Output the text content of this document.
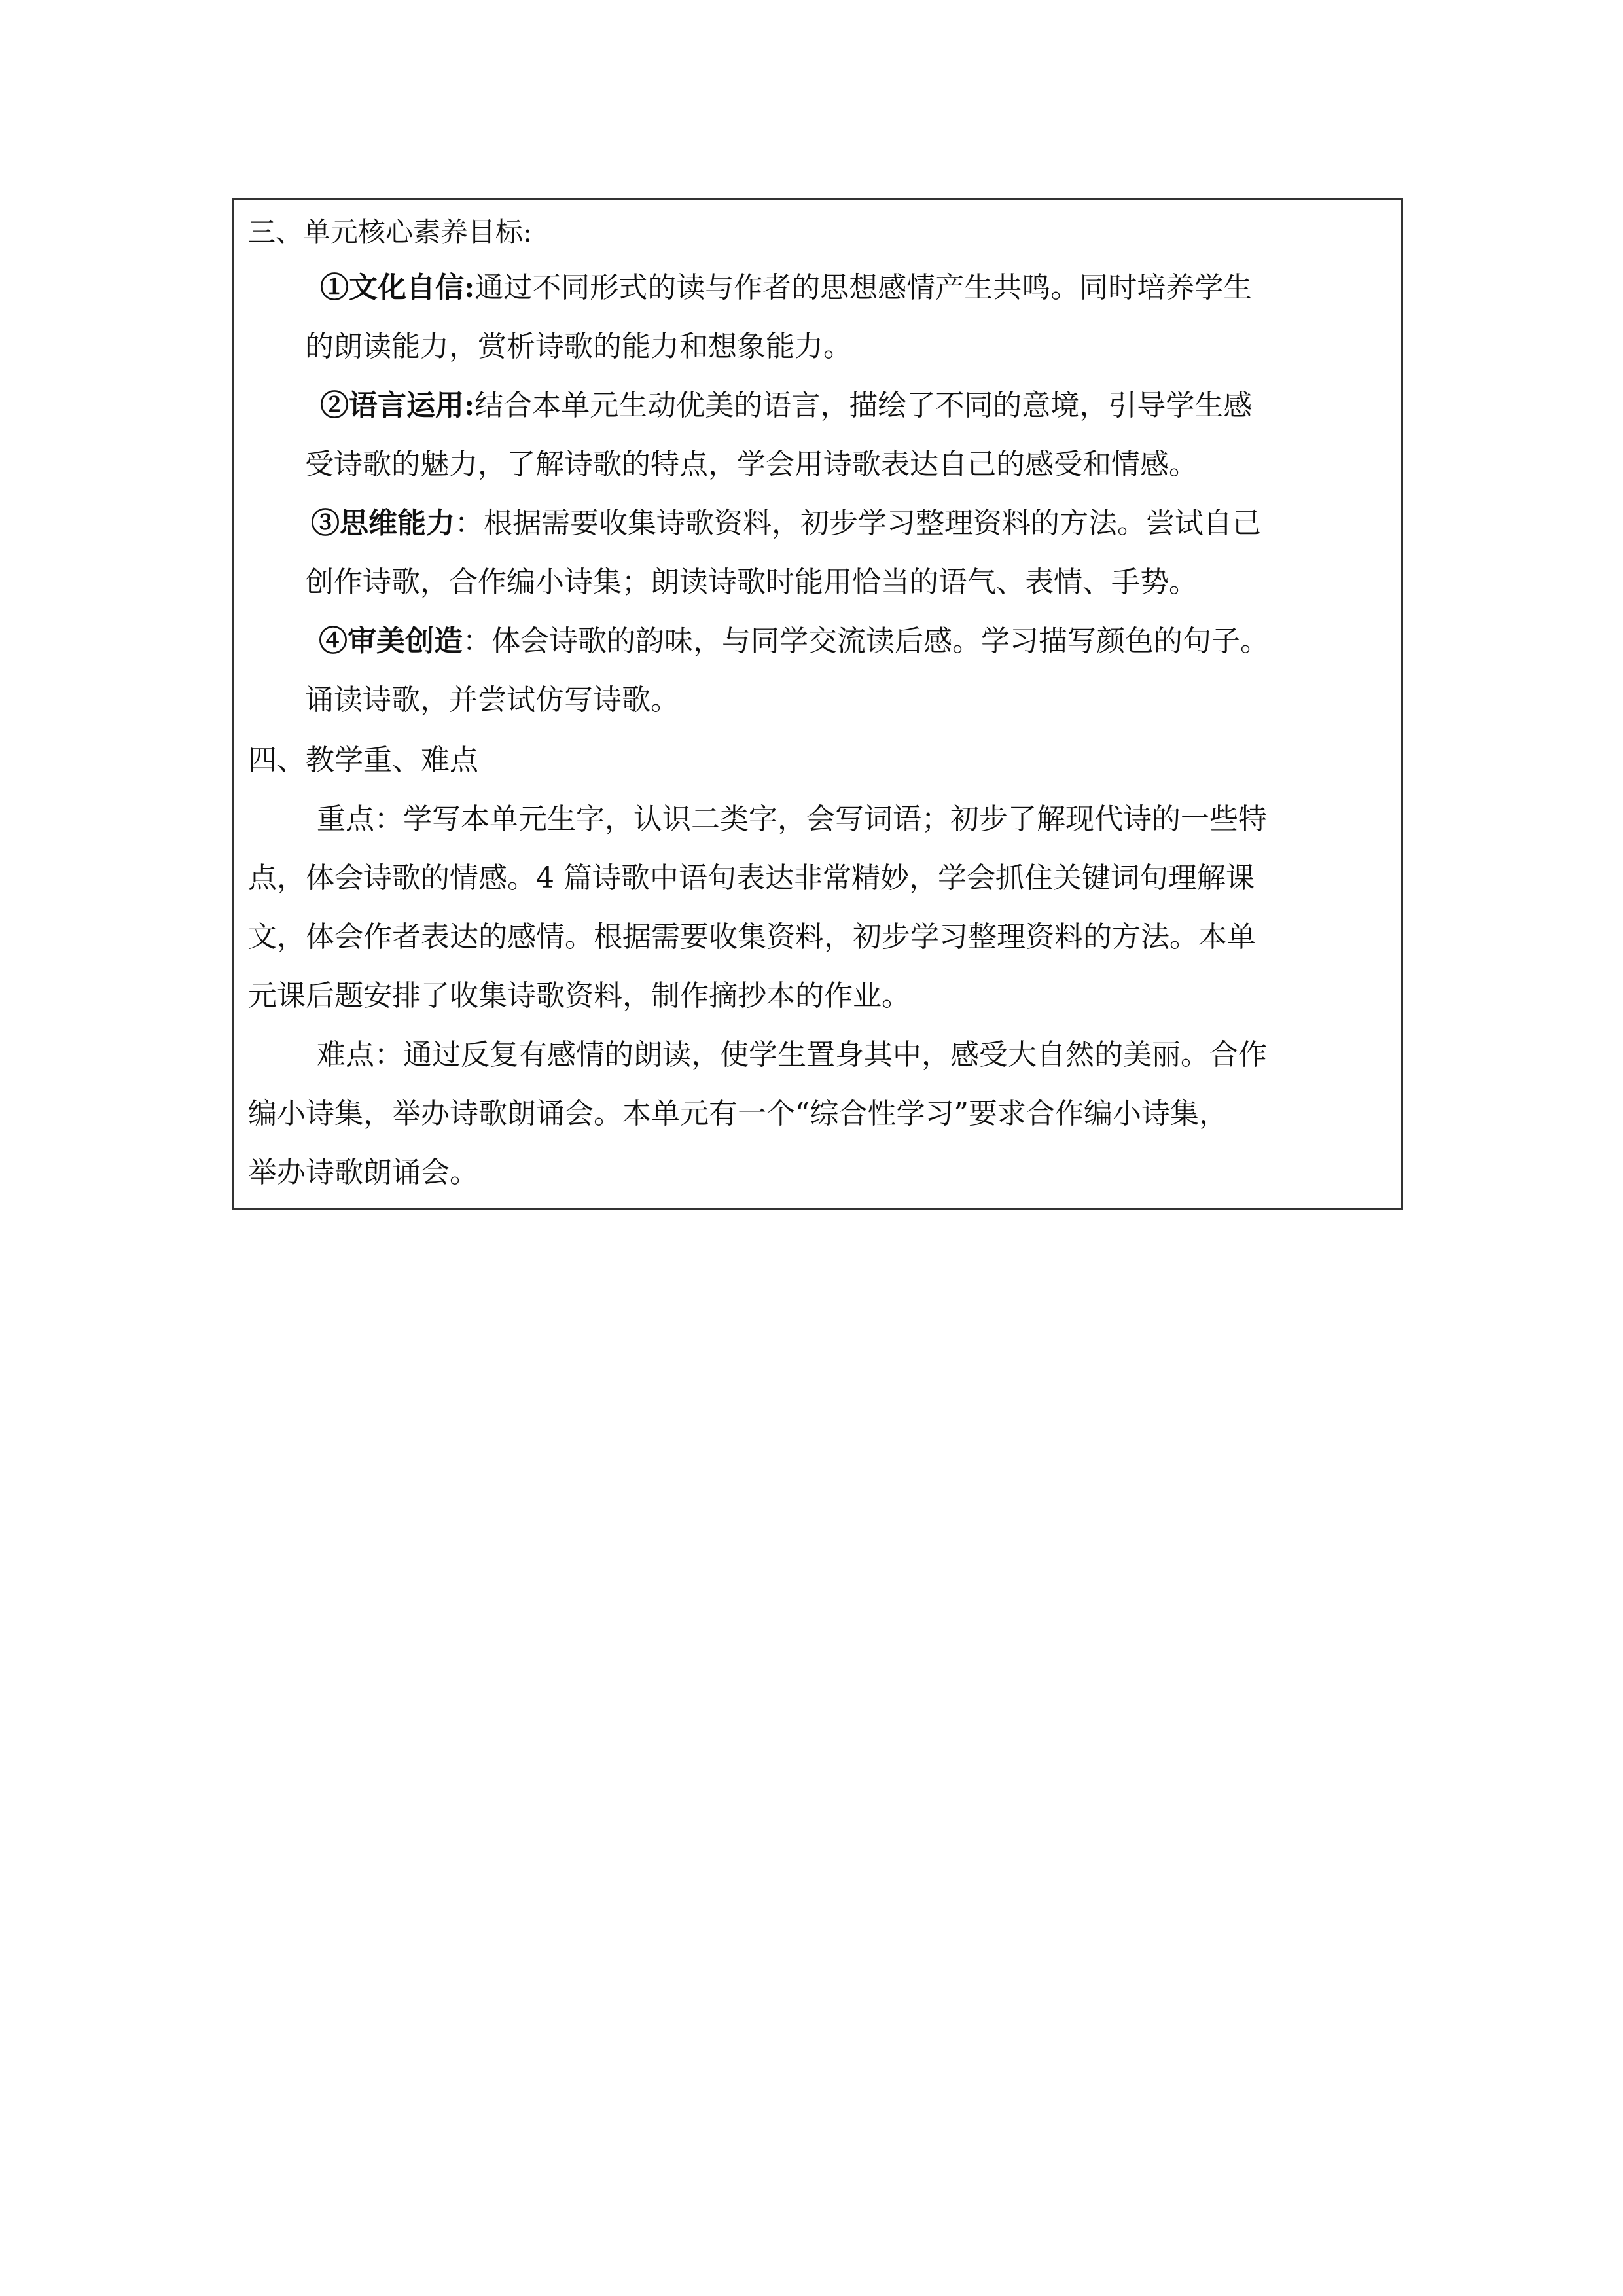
三、单元核心素养目标:
①文化自信:通过不同形式的读与作者的思想感情产生共鸣。同时培养学生
的朗读能力，赏析诗歌的能力和想象能力。
②语言运用:结合本单元生动优美的语言，描绘了不同的意境，引导学生感
受诗歌的魅力，了解诗歌的特点，学会用诗歌表达自己的感受和情感。
③思维能力：根据需要收集诗歌资料，初步学习整理资料的方法。尝试自己
创作诗歌，合作编小诗集；朗读诗歌时能用恰当的语气、表情、手势。
④审美创造：体会诗歌的韵味，与同学交流读后感。学习描写颜色的句子。
诵读诗歌，并尝试仿写诗歌。
四、教学重、难点
重点：学写本单元生字，认识二类字，会写词语；初步了解现代诗的一些特
点，体会诗歌的情感。4 篇诗歌中语句表达非常精妙，学会抓住关键词句理解课
文，体会作者表达的感情。根据需要收集资料，初步学习整理资料的方法。本单
元课后题安排了收集诗歌资料，制作摘抄本的作业。
难点：通过反复有感情的朗读，使学生置身其中，感受大自然的美丽。合作
编小诗集，举办诗歌朗诵会。本单元有一个“综合性学习”要求合作编小诗集，
举办诗歌朗诵会。
